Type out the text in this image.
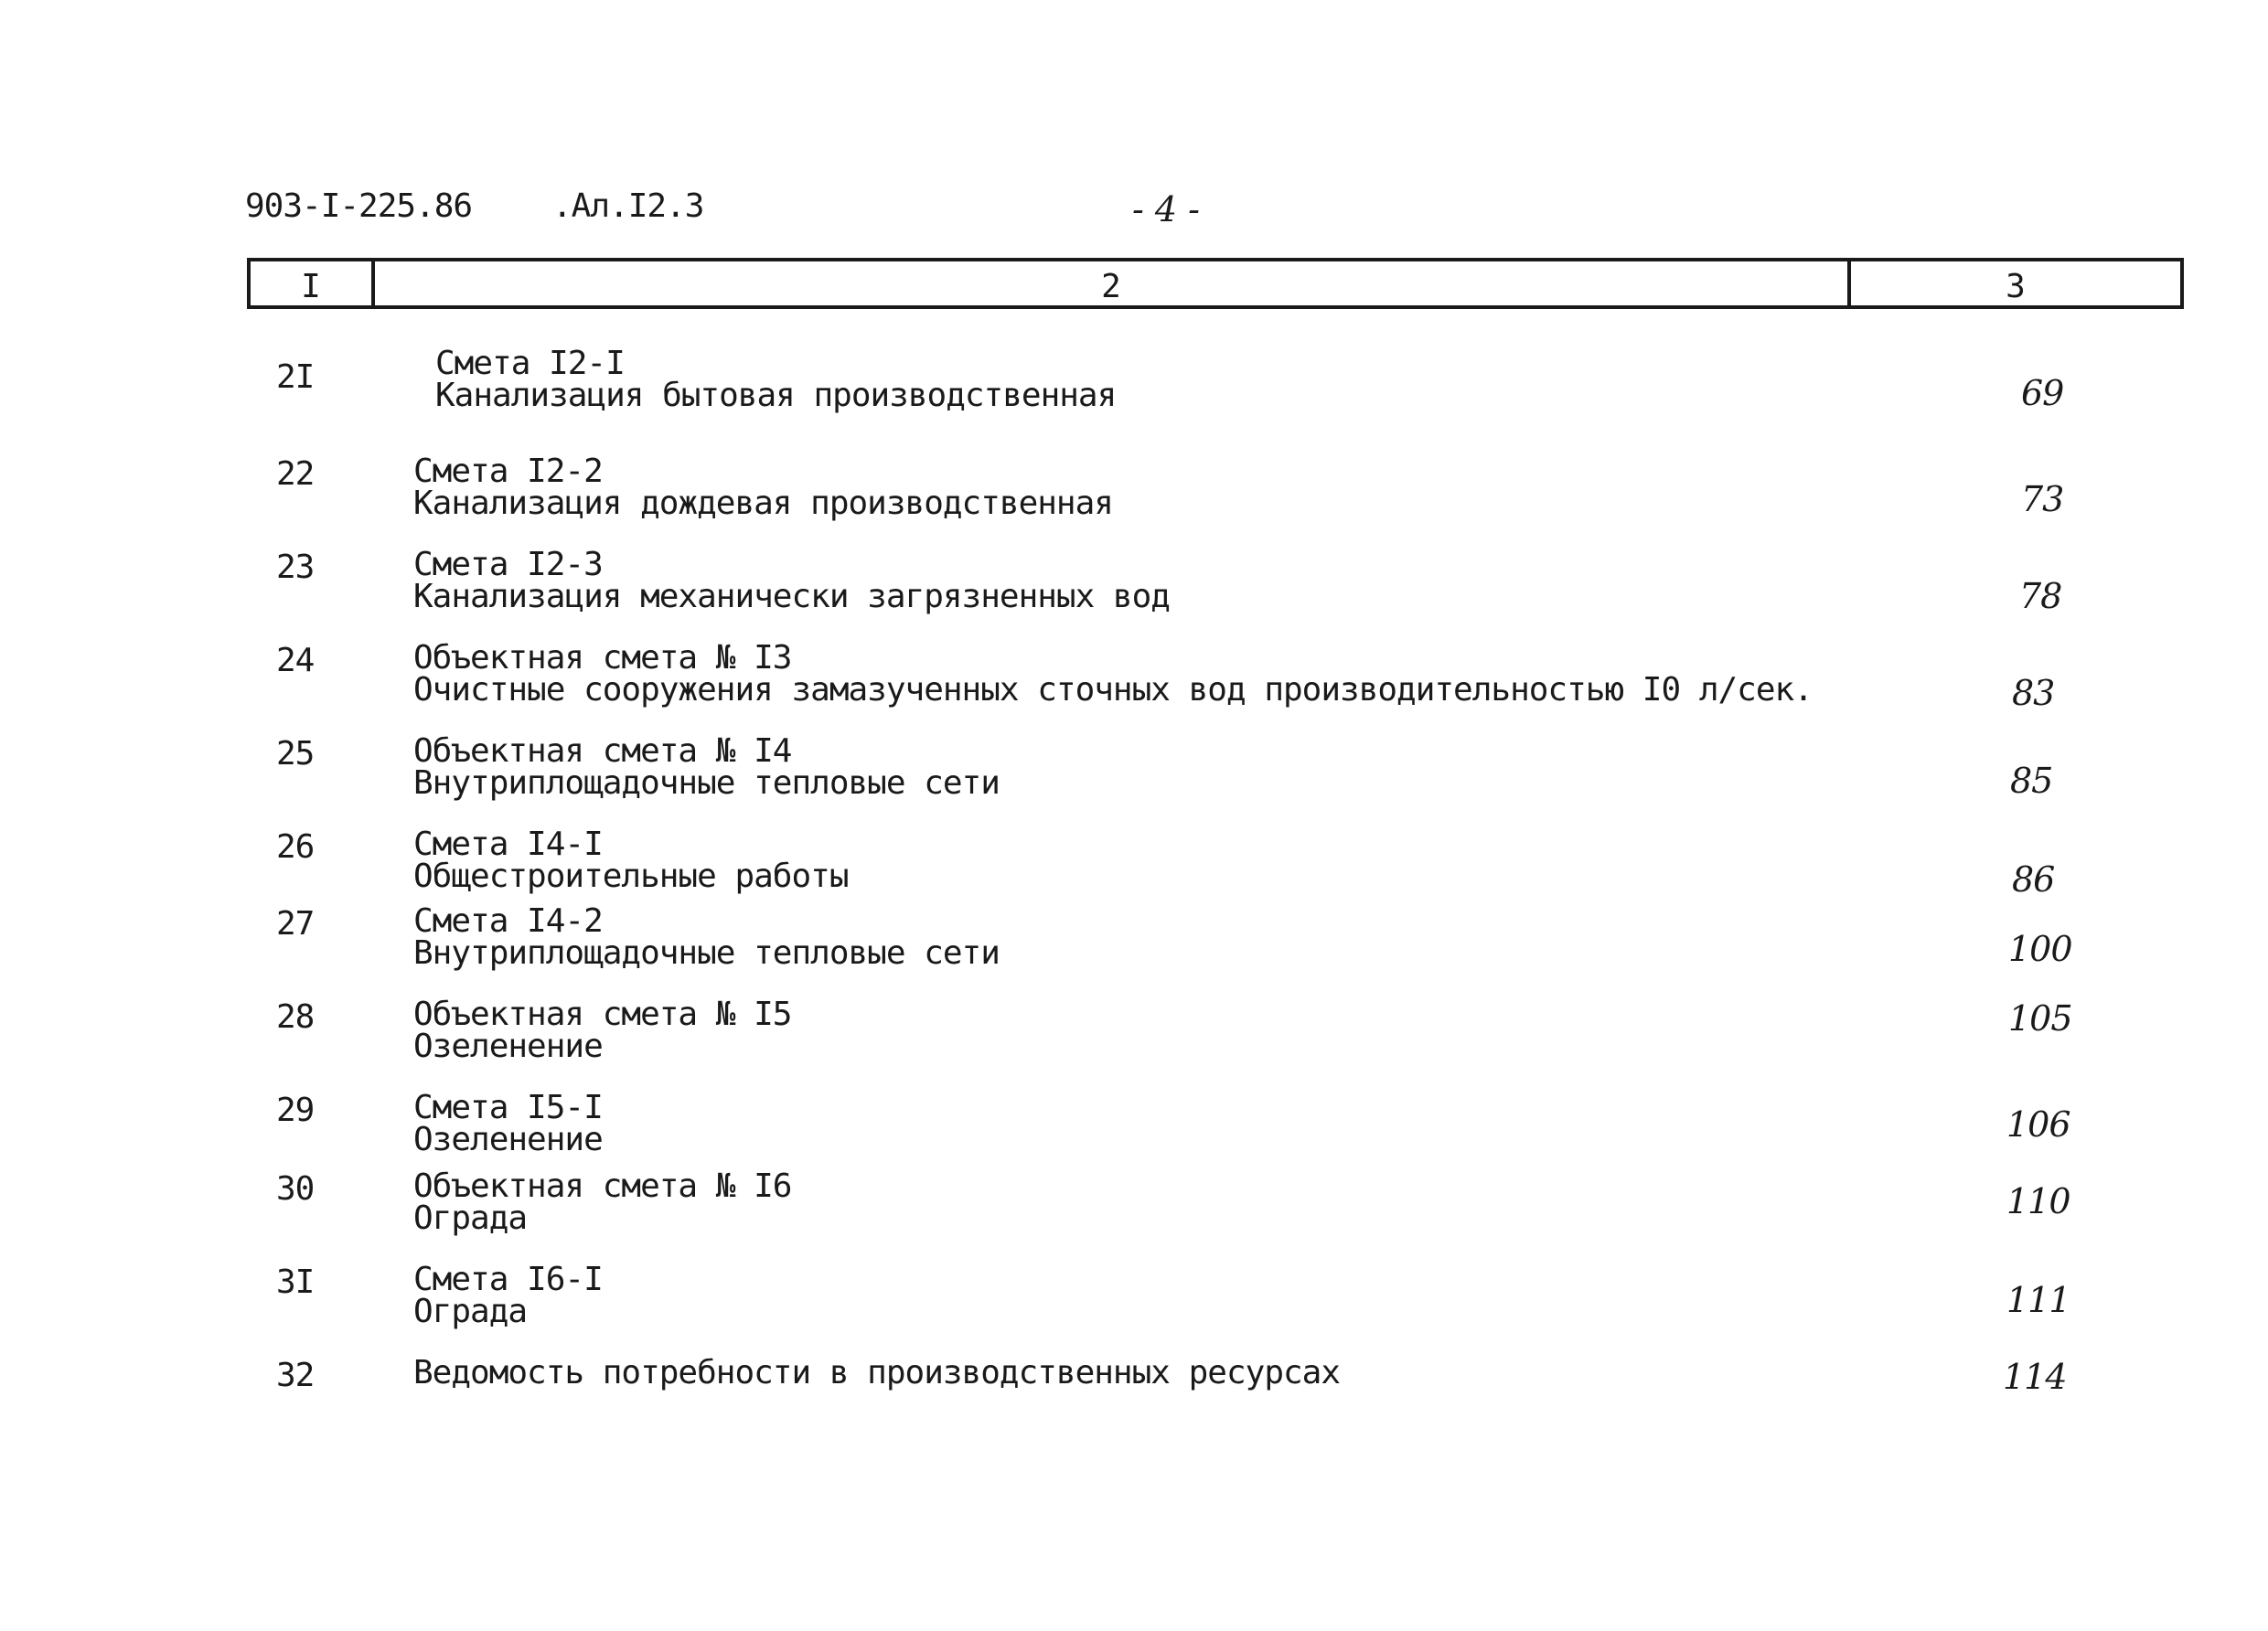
903-I-225.86 .Ал.I2.3	- 4 -
I	2	3
2I	Смета I2-I
Канализация бытовая производственная	69
22	Смета I2-2
Канализация дождевая производственная	73
23	Смета I2-3
Канализация механически загрязненных вод	78
24	Объектная смета № I3
Очистные сооружения замазученных сточных вод производительностью I0 л/сек.	83
25	Объектная смета № I4
Внутриплощадочные тепловые сети	85
26	Смета I4-I
Общестроительные работы	86
27	Смета I4-2
Внутриплощадочные тепловые сети	100
28	Объектная смета № I5
Озеленение
105
29	Смета I5-I
Озеленение	106
30	Объектная смета № I6
Ограда	110
3I	Смета I6-I
Ограда	111
32	Ведомость потребности в производственных ресурсах	114
